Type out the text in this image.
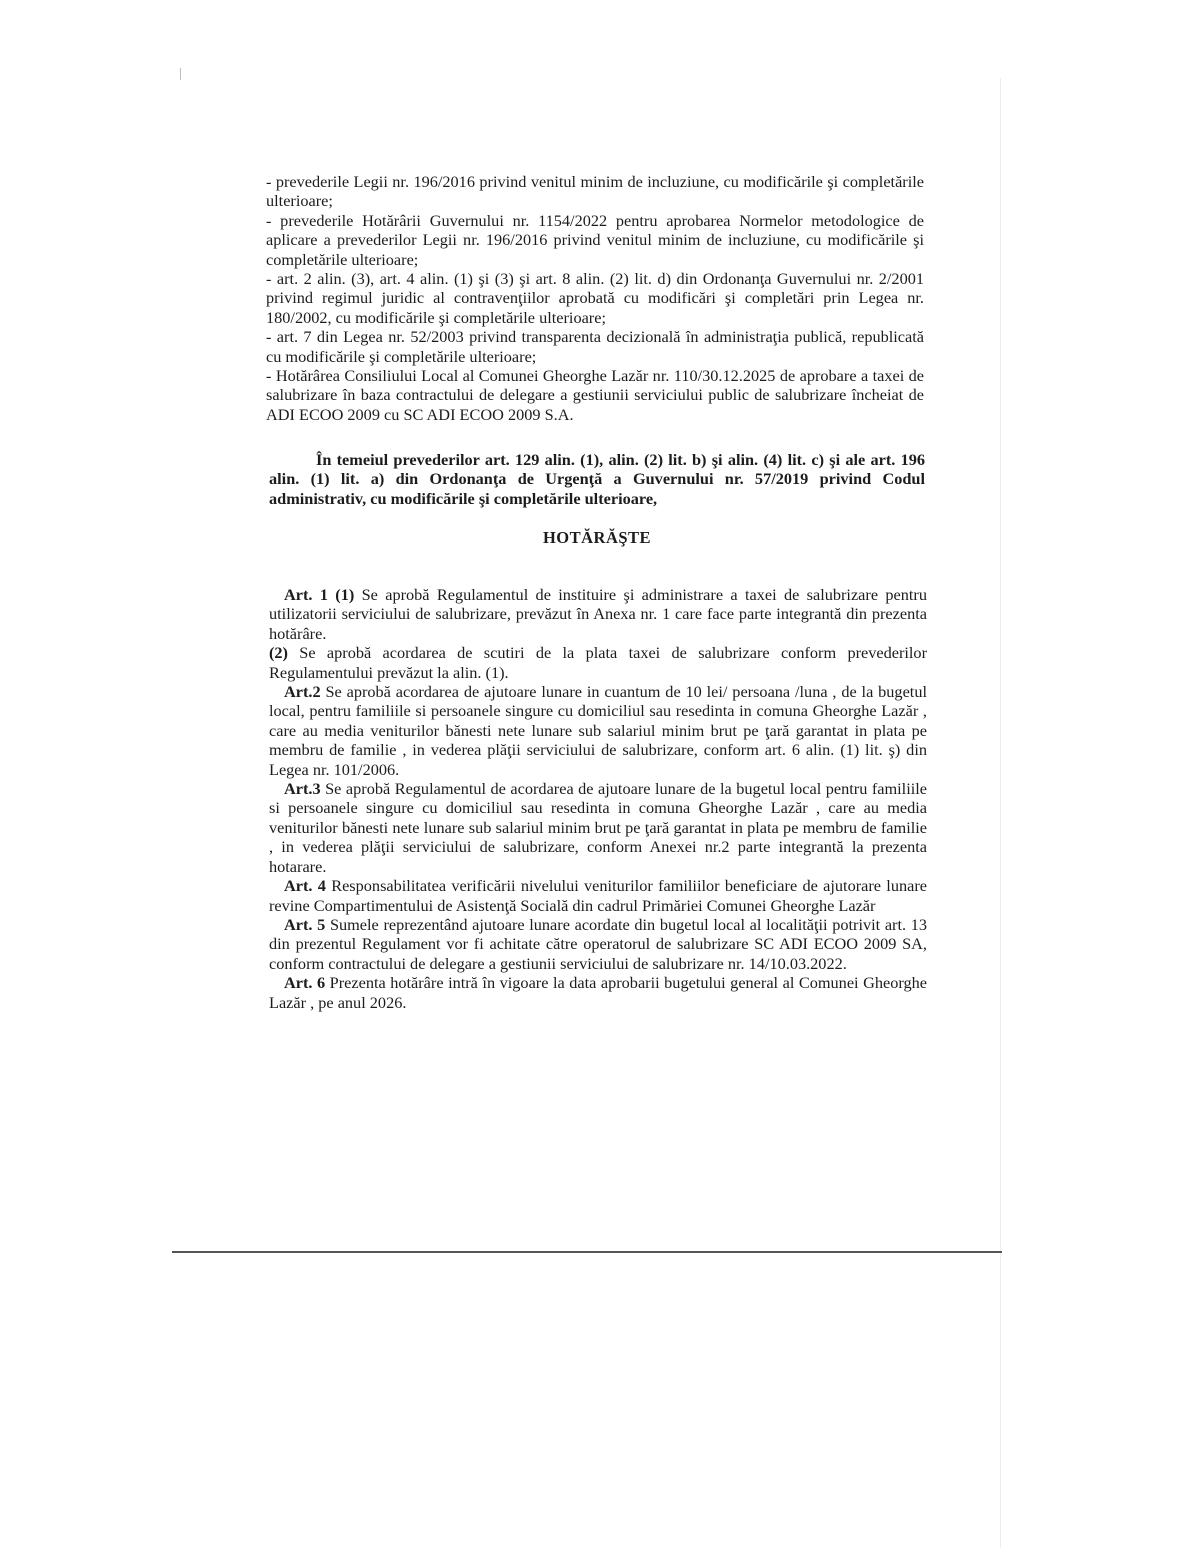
- prevederile Legii nr. 196/2016 privind venitul minim de incluziune, cu modificările şi completările ulterioare;

- prevederile Hotărârii Guvernului nr. 1154/2022 pentru aprobarea Normelor metodologice de aplicare a prevederilor Legii nr. 196/2016 privind venitul minim de incluziune, cu modificările şi completările ulterioare;

- art. 2 alin. (3), art. 4 alin. (1) şi (3) şi art. 8 alin. (2) lit. d) din Ordonanţa Guvernului nr. 2/2001 privind regimul juridic al contravenţiilor aprobată cu modificări şi completări prin Legea nr. 180/2002, cu modificările şi completările ulterioare;

- art. 7 din Legea nr. 52/2003 privind transparenta decizională în administraţia publică, republicată cu modificările şi completările ulterioare;

- Hotărârea Consiliului Local al Comunei Gheorghe Lazăr nr. 110/30.12.2025 de aprobare a taxei de salubrizare în baza contractului de delegare a gestiunii serviciului public de salubrizare încheiat de ADI ECOO 2009 cu SC ADI ECOO 2009 S.A.

În temeiul prevederilor art. 129 alin. (1), alin. (2) lit. b) şi alin. (4) lit. c) şi ale art. 196 alin. (1) lit. a) din Ordonanţa de Urgenţă a Guvernului nr. 57/2019 privind Codul administrativ, cu modificările şi completările ulterioare,

HOTĂRĂŞTE

Art. 1 (1) Se aprobă Regulamentul de instituire şi administrare a taxei de salubrizare pentru utilizatorii serviciului de salubrizare, prevăzut în Anexa nr. 1 care face parte integrantă din prezenta hotărâre.

(2) Se aprobă acordarea de scutiri de la plata taxei de salubrizare conform prevederilor Regulamentului prevăzut la alin. (1).

Art.2 Se aprobă acordarea de ajutoare lunare in cuantum de 10 lei/ persoana /luna , de la bugetul local, pentru familiile si persoanele singure cu domiciliul sau resedinta in comuna Gheorghe Lazăr , care au media veniturilor bănesti nete lunare sub salariul minim brut pe ţară garantat in plata pe membru de familie , in vederea plăţii serviciului de salubrizare, conform art. 6 alin. (1) lit. ş) din Legea nr. 101/2006.

Art.3 Se aprobă Regulamentul de acordarea de ajutoare lunare de la bugetul local pentru familiile si persoanele singure cu domiciliul sau resedinta in comuna Gheorghe Lazăr , care au media veniturilor bănesti nete lunare sub salariul minim brut pe ţară garantat in plata pe membru de familie , in vederea plăţii serviciului de salubrizare, conform Anexei nr.2 parte integrantă la prezenta hotarare.

Art. 4 Responsabilitatea verificării nivelului veniturilor familiilor beneficiare de ajutorare lunare revine Compartimentului de Asistenţă Socială din cadrul Primăriei Comunei Gheorghe Lazăr

Art. 5 Sumele reprezentând ajutoare lunare acordate din bugetul local al localităţii potrivit art. 13 din prezentul Regulament vor fi achitate către operatorul de salubrizare SC ADI ECOO 2009 SA, conform contractului de delegare a gestiunii serviciului de salubrizare nr. 14/10.03.2022.

Art. 6 Prezenta hotărâre intră în vigoare la data aprobarii bugetului general al Comunei Gheorghe Lazăr , pe anul 2026.
